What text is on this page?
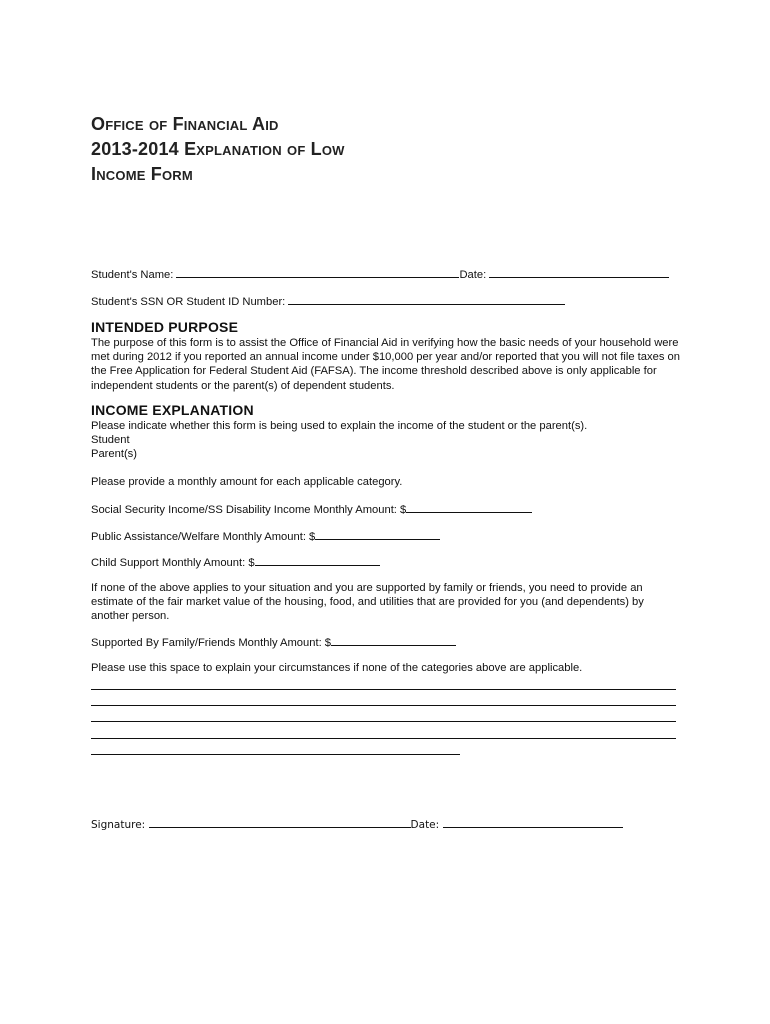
Office of Financial Aid
2013-2014 Explanation of Low
Income Form
Student's Name:	Date:
Student's SSN OR Student ID Number:
INTENDED PURPOSE

The purpose of this form is to assist the Office of Financial Aid in verifying how the basic needs of your household were met during 2012 if you reported an annual income under $10,000 per year and/or reported that you will not file taxes on the Free Application for Federal Student Aid (FAFSA). The income threshold described above is only applicable for independent students or the parent(s) of dependent students.

INCOME EXPLANATION

Please indicate whether this form is being used to explain the income of the student or the parent(s).

Student
Parent(s)
Please provide a monthly amount for each applicable category.
Social Security Income/SS Disability Income Monthly Amount: $
Public Assistance/Welfare Monthly Amount: $
Child Support Monthly Amount: $

If none of the above applies to your situation and you are supported by family or friends, you need to provide an estimate of the fair market value of the housing, food, and utilities that are provided for you (and dependents) by another person.

Supported By Family/Friends Monthly Amount: $
Please use this space to explain your circumstances if none of the categories above are applicable.
Signature:	Date:
